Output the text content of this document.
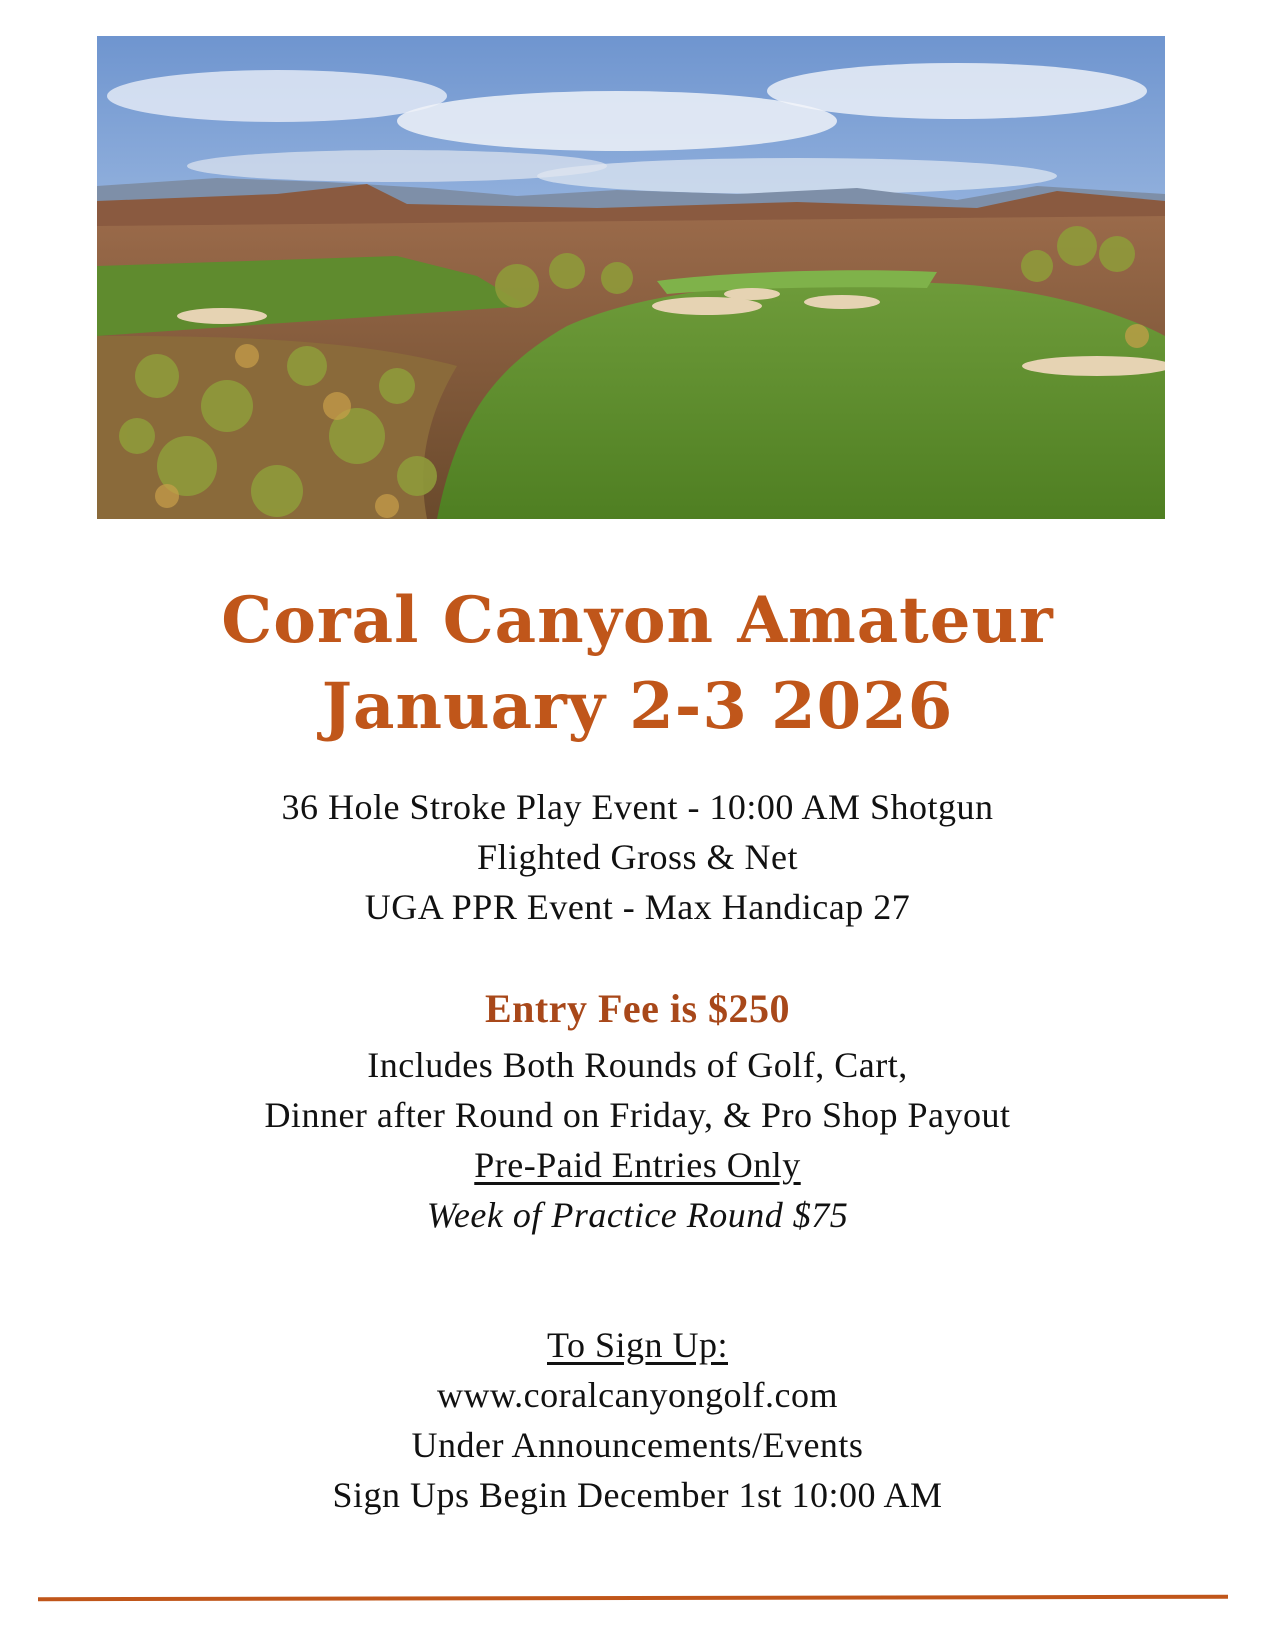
Coral Canyon Amateur
January 2-3 2026
36 Hole Stroke Play Event - 10:00 AM Shotgun
Flighted Gross & Net
UGA PPR Event - Max Handicap 27
Entry Fee is $250
Includes Both Rounds of Golf, Cart,
Dinner after Round on Friday, & Pro Shop Payout
Pre-Paid Entries Only
Week of Practice Round $75
To Sign Up:
www.coralcanyongolf.com
Under Announcements/Events
Sign Ups Begin December 1st 10:00 AM
